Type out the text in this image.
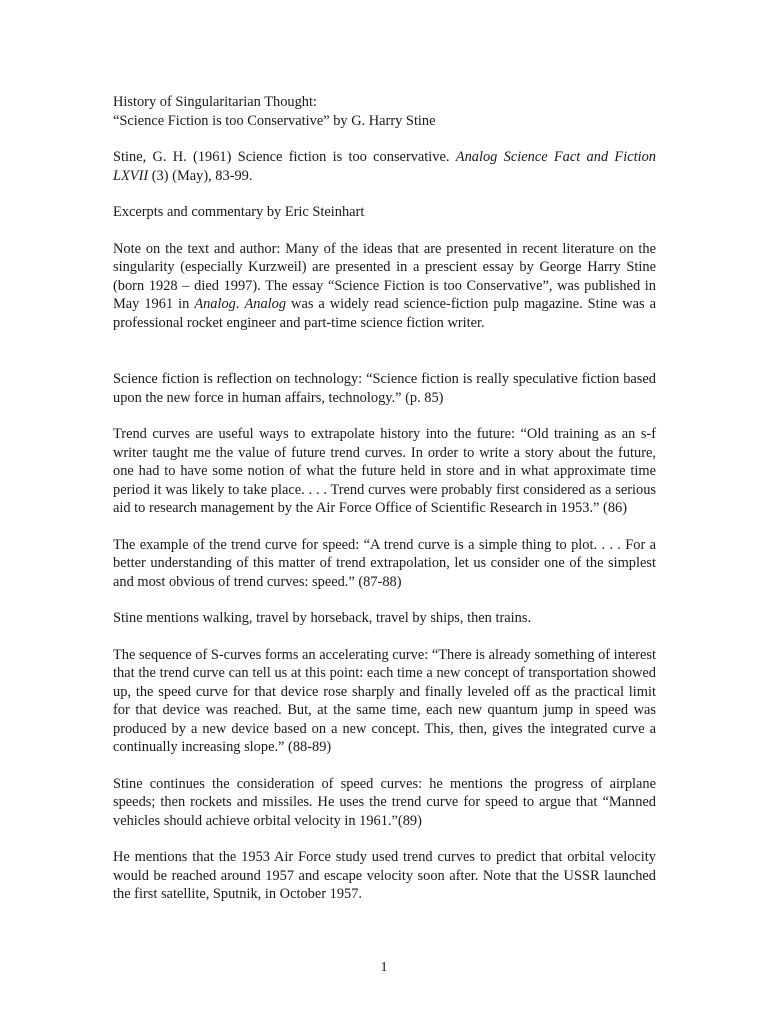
History of Singularitarian Thought:
“Science Fiction is too Conservative” by G. Harry Stine

Stine, G. H. (1961) Science fiction is too conservative. Analog Science Fact and Fiction LXVII (3) (May), 83-99.

Excerpts and commentary by Eric Steinhart

Note on the text and author: Many of the ideas that are presented in recent literature on the singularity (especially Kurzweil) are presented in a prescient essay by George Harry Stine (born 1928 – died 1997). The essay “Science Fiction is too Conservative”, was published in May 1961 in Analog. Analog was a widely read science-fiction pulp magazine. Stine was a professional rocket engineer and part-time science fiction writer.

Science fiction is reflection on technology: “Science fiction is really speculative fiction based upon the new force in human affairs, technology.” (p. 85)

Trend curves are useful ways to extrapolate history into the future: “Old training as an s-f writer taught me the value of future trend curves. In order to write a story about the future, one had to have some notion of what the future held in store and in what approximate time period it was likely to take place. . . . Trend curves were probably first considered as a serious aid to research management by the Air Force Office of Scientific Research in 1953.” (86)

The example of the trend curve for speed: “A trend curve is a simple thing to plot. . . . For a better understanding of this matter of trend extrapolation, let us consider one of the simplest and most obvious of trend curves: speed.” (87-88)

Stine mentions walking, travel by horseback, travel by ships, then trains.

The sequence of S-curves forms an accelerating curve: “There is already something of interest that the trend curve can tell us at this point: each time a new concept of transportation showed up, the speed curve for that device rose sharply and finally leveled off as the practical limit for that device was reached. But, at the same time, each new quantum jump in speed was produced by a new device based on a new concept. This, then, gives the integrated curve a continually increasing slope.” (88-89)

Stine continues the consideration of speed curves: he mentions the progress of airplane speeds; then rockets and missiles. He uses the trend curve for speed to argue that “Manned vehicles should achieve orbital velocity in 1961.”(89)

He mentions that the 1953 Air Force study used trend curves to predict that orbital velocity would be reached around 1957 and escape velocity soon after. Note that the USSR launched the first satellite, Sputnik, in October 1957.

1
